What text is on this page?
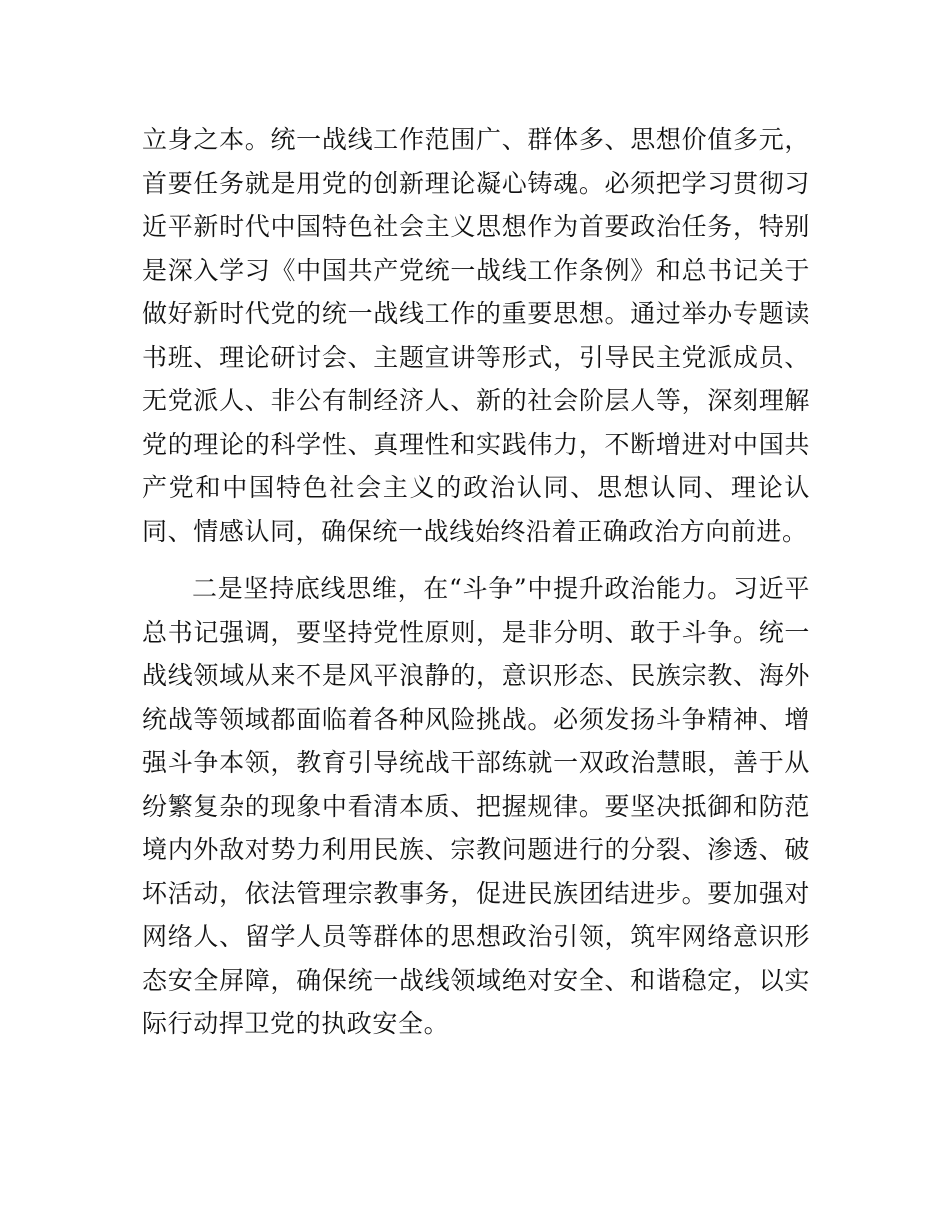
立身之本。统一战线工作范围广、群体多、思想价值多元，首要任务就是用党的创新理论凝心铸魂。必须把学习贯彻习近平新时代中国特色社会主义思想作为首要政治任务，特别是深入学习《中国共产党统一战线工作条例》和总书记关于做好新时代党的统一战线工作的重要思想。通过举办专题读书班、理论研讨会、主题宣讲等形式，引导民主党派成员、无党派人、非公有制经济人、新的社会阶层人等，深刻理解党的理论的科学性、真理性和实践伟力，不断增进对中国共产党和中国特色社会主义的政治认同、思想认同、理论认同、情感认同，确保统一战线始终沿着正确政治方向前进。

二是坚持底线思维，在“斗争”中提升政治能力。习近平总书记强调，要坚持党性原则，是非分明、敢于斗争。统一战线领域从来不是风平浪静的，意识形态、民族宗教、海外统战等领域都面临着各种风险挑战。必须发扬斗争精神、增强斗争本领，教育引导统战干部练就一双政治慧眼，善于从纷繁复杂的现象中看清本质、把握规律。要坚决抵御和防范境内外敌对势力利用民族、宗教问题进行的分裂、渗透、破坏活动，依法管理宗教事务，促进民族团结进步。要加强对网络人、留学人员等群体的思想政治引领，筑牢网络意识形态安全屏障，确保统一战线领域绝对安全、和谐稳定，以实际行动捍卫党的执政安全。
